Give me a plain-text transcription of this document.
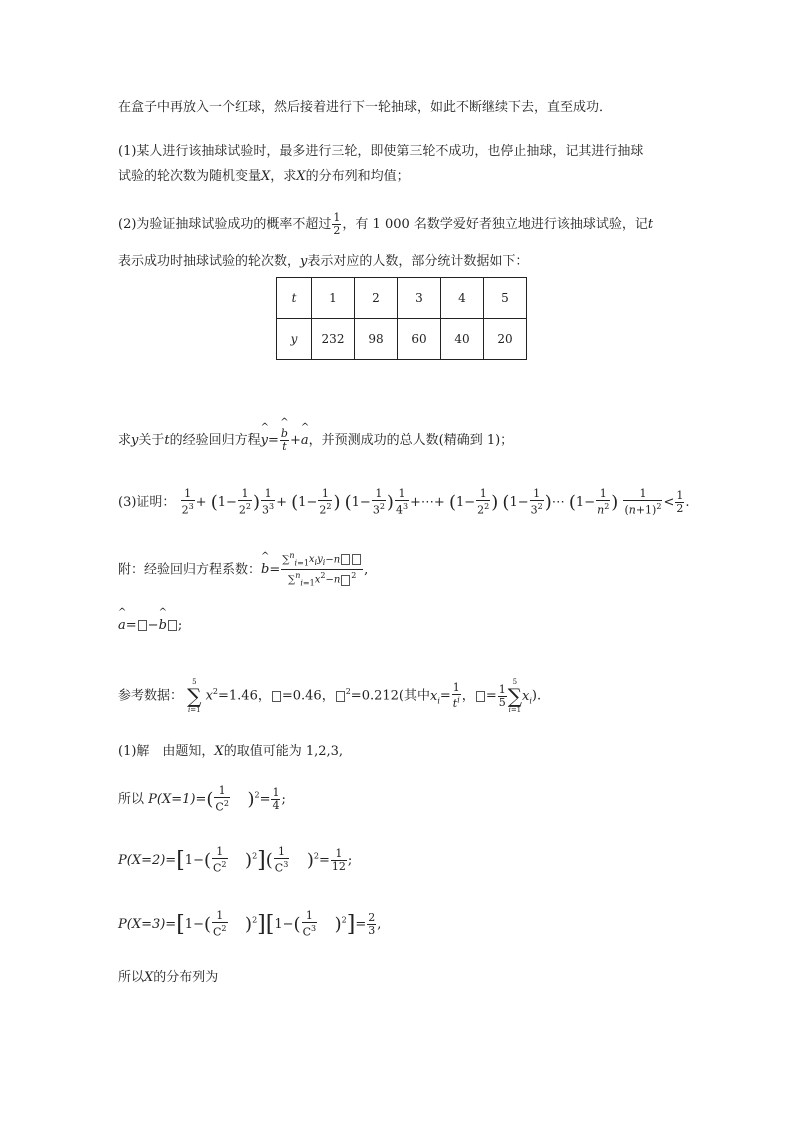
在盒子中再放入一个红球，然后接着进行下一轮抽球，如此不断继续下去，直至成功．
(1)某人进行该抽球试验时，最多进行三轮，即使第三轮不成功，也停止抽球，记其进行抽球
试验的轮次数为随机变量X，求X的分布列和均值；
(2)为验证抽球试验成功的概率不超过 $\frac{1}{2}$ ，有 1 000 名数学爱好者独立地进行该抽球试验，记t
表示成功时抽球试验的轮次数，y表示对应的人数，部分统计数据如下：
t	1	2	3	4	5
y	232	98	60	40	20
求y关于t的经验回归方程^ y= ^ $\frac{b}{t}$ +^ a，并预测成功的总人数(精确到 1)；
(3)证明： $\frac{1}{2^3} + (1- \frac{1}{2^2}$ ) $\frac{1}{3^3} + (1- \frac{1}{2^2}$ ) ($1- \frac{1}{3^2}$ ) $\frac{1}{4^3}$ +⋯+ ($1- \frac{1}{2^2}$ ) ($1- \frac{1}{3^2}$ )⋯ ($1- \frac{1}{n^2}$ ) $\frac{1}{(n+1)^2} < \frac{1}{2}$ .
附：经验回归方程系数：^ $b= \frac{\sum^n_{i=1}x_iy_i-n}{\sum^n_{i=1}x^2-n ^2}$ ,
^ a= −^ b ;
参考数据： 5
∑
i=1 $x^2=1.46$， =0.46， $^2$=0.212(其中$x_i= \frac{1}{t^i}$ ， = $\frac{1}{5}$
5
∑
$i=1x_i$).
(1)解　由题知，X的取值可能为 1,2,3,
所以 $P(X=1)=( \frac{1}{C^2} )^2= \frac{1}{4}$ ;
$P(X=2)=[1-( \frac{1}{C^2} )^2]( \frac{1}{C^3} )^2= \frac{1}{12}$ ;
$P(X=3)=[1-( \frac{1}{C^2} )^2][1-( \frac{1}{C^3} )^2]= \frac{2}{3}$ ,
所以X的分布列为
